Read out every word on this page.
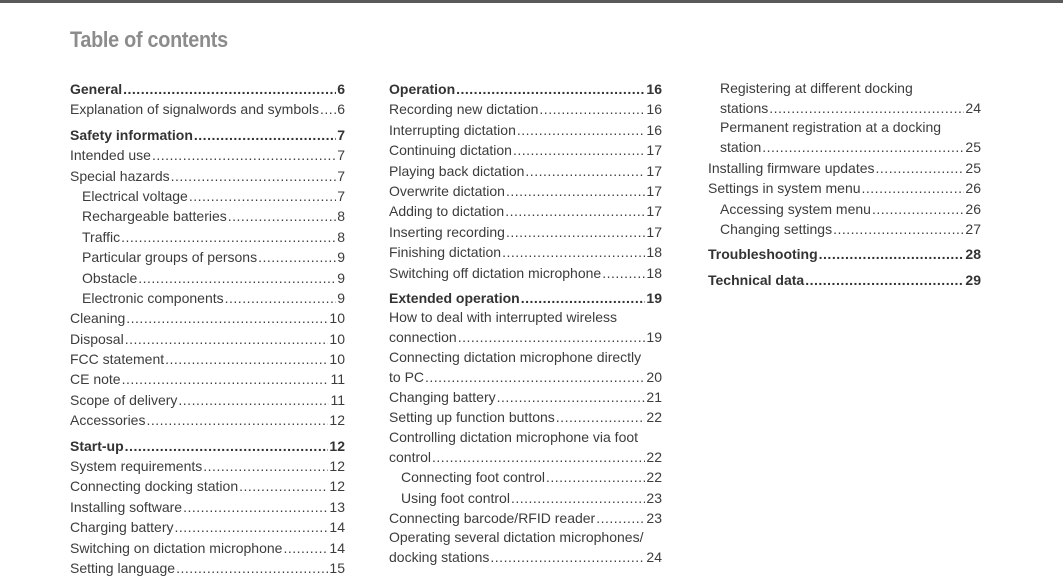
Table of contents
General .....	6
Explanation of signalwords and symbols ..... 6
Safety information .....	7
Intended use .....	7
Special hazards .....	7
Electrical voltage .....	7
Rechargeable batteries .....	8
Traffic .....	8
Particular groups of persons .....	9
Obstacle .....	9
Electronic components .....	9
Cleaning .....	10
Disposal .....	10
FCC statement .....	10
CE note .....	11
Scope of delivery .....	11
Accessories .....	12
Start-up .....	12
System requirements .....	12
Connecting docking station .....	12
Installing software .....	13
Charging battery .....	14
Switching on dictation microphone .....	14
Setting language .....	15
Operation .....	16
Recording new dictation .....	16
Interrupting dictation .....	16
Continuing dictation .....	17
Playing back dictation .....	17
Overwrite dictation .....	17
Adding to dictation .....	17
Inserting recording .....	17
Finishing dictation .....	18
Switching off dictation microphone .....	18
Extended operation .....	19
How to deal with interrupted wireless
connection .....	19
Connecting dictation microphone directly
to PC .....	20
Changing battery .....	21
Setting up function buttons .....	22
Controlling dictation microphone via foot
control .....	22
Connecting foot control .....	22
Using foot control .....	23
Connecting barcode/RFID reader .....	23
Operating several dictation microphones/
docking stations .....	24
Registering at different docking
stations .....	24
Permanent registration at a docking
station .....	25
Installing firmware updates .....	25
Settings in system menu .....	26
Accessing system menu .....	26
Changing settings .....	27
Troubleshooting .....	28
Technical data .....	29
